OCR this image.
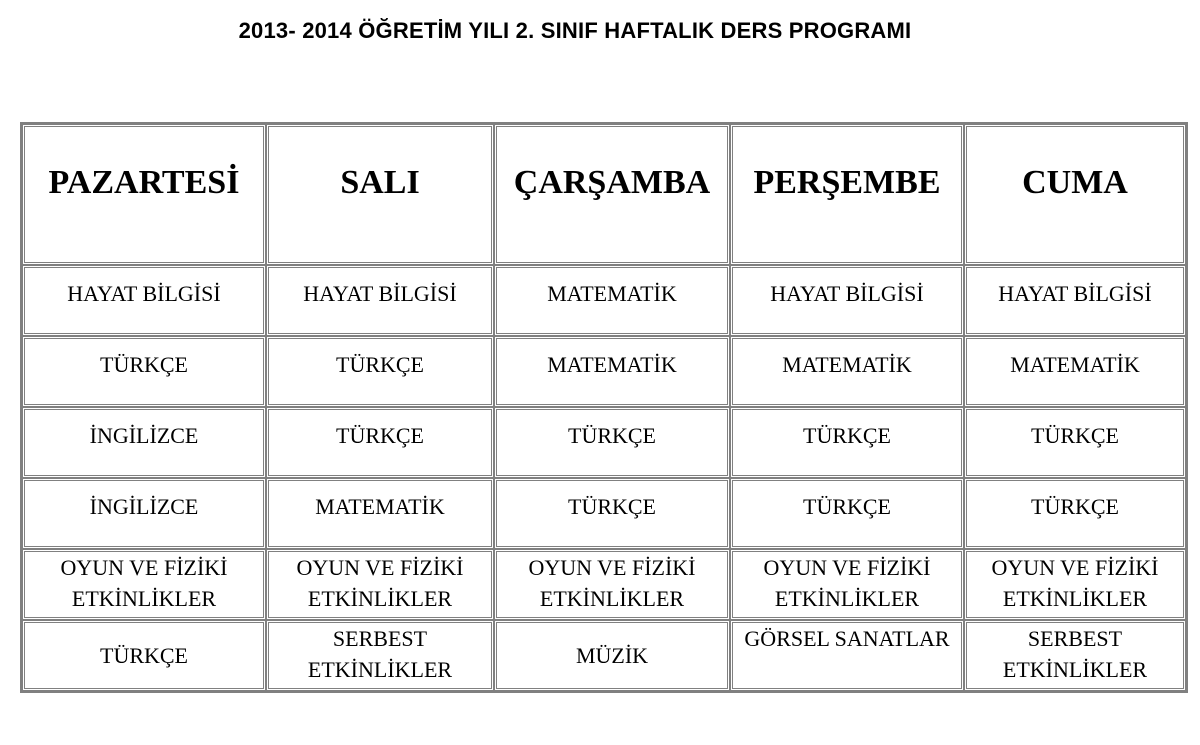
2013- 2014 ÖĞRETİM YILI 2. SINIF HAFTALIK DERS PROGRAMI
PAZARTESİ	SALI	ÇARŞAMBA	PERŞEMBE	CUMA
HAYAT BİLGİSİ	HAYAT BİLGİSİ	MATEMATİK	HAYAT BİLGİSİ	HAYAT BİLGİSİ
TÜRKÇE	TÜRKÇE	MATEMATİK	MATEMATİK	MATEMATİK
İNGİLİZCE	TÜRKÇE	TÜRKÇE	TÜRKÇE	TÜRKÇE
İNGİLİZCE	MATEMATİK	TÜRKÇE	TÜRKÇE	TÜRKÇE
OYUN VE FİZİKİ ETKİNLİKLER	OYUN VE FİZİKİ ETKİNLİKLER	OYUN VE FİZİKİ ETKİNLİKLER	OYUN VE FİZİKİ ETKİNLİKLER	OYUN VE FİZİKİ ETKİNLİKLER
TÜRKÇE	SERBEST ETKİNLİKLER	MÜZİK	GÖRSEL SANATLAR	SERBEST ETKİNLİKLER
